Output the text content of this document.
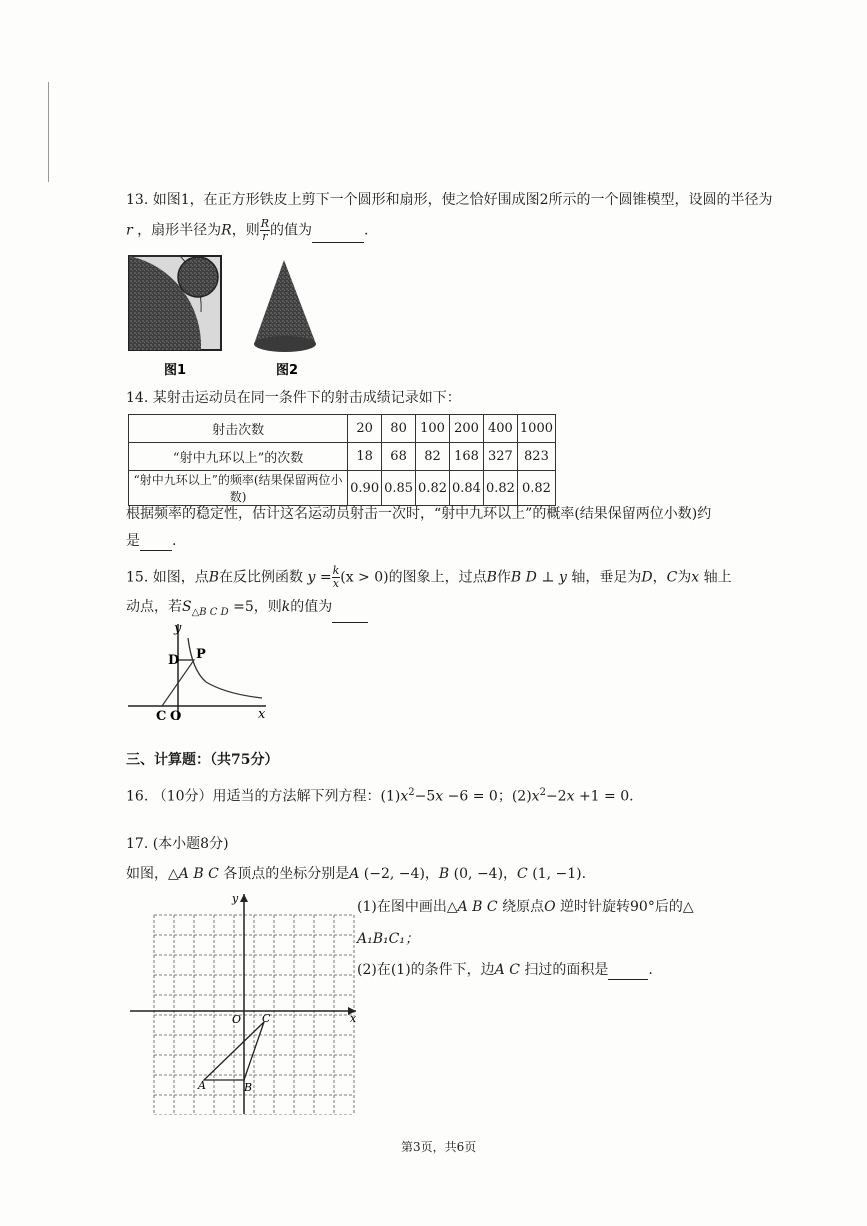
13. 如图1，在正方形铁皮上剪下一个圆形和扇形，使之恰好围成图2所示的一个圆锥模型，设圆的半径为
r ，扇形半径为R，则 $\frac{R}{r}$ 的值为	.
图1	图2
14. 某射击运动员在同一条件下的射击成绩记录如下：
射击次数	20	80	100	200	400	1000
“射中九环以上”的次数	18	68	82	168	327	823
“射中九环以上”的频率(结果保留两位小数)	0.90	0.85	0.82	0.84	0.82	0.82
根据频率的稳定性，估计这名运动员射击一次时，“射中九环以上”的概率(结果保留两位小数)约
是 .
15. 如图，点B在反比例函数 $y = \frac{k}{x} (x > 0)$的图象上，过点B作B D ⊥ y 轴，垂足为D，C为x 轴上
动点，若$S_{\triangle B C D} =5$，则k的值为
y
x
D P
C O
三、计算题：（共75分）
16. （10分）用适当的方法解下列方程：$(1)x^2-5x -6 = 0$；$(2)x^2-2x +1 = 0$.
17. (本小题8分)
如图，△A B C 各顶点的坐标分别是A (−2, −4)，B (0, −4)，C (1, −1).
(1)在图中画出△A B C 绕原点O 逆时针旋转90°后的△
A₁B₁C₁；
(2)在(1)的条件下，边A C 扫过的面积是	.
y
x
O
A	B
C
第3页，共6页
